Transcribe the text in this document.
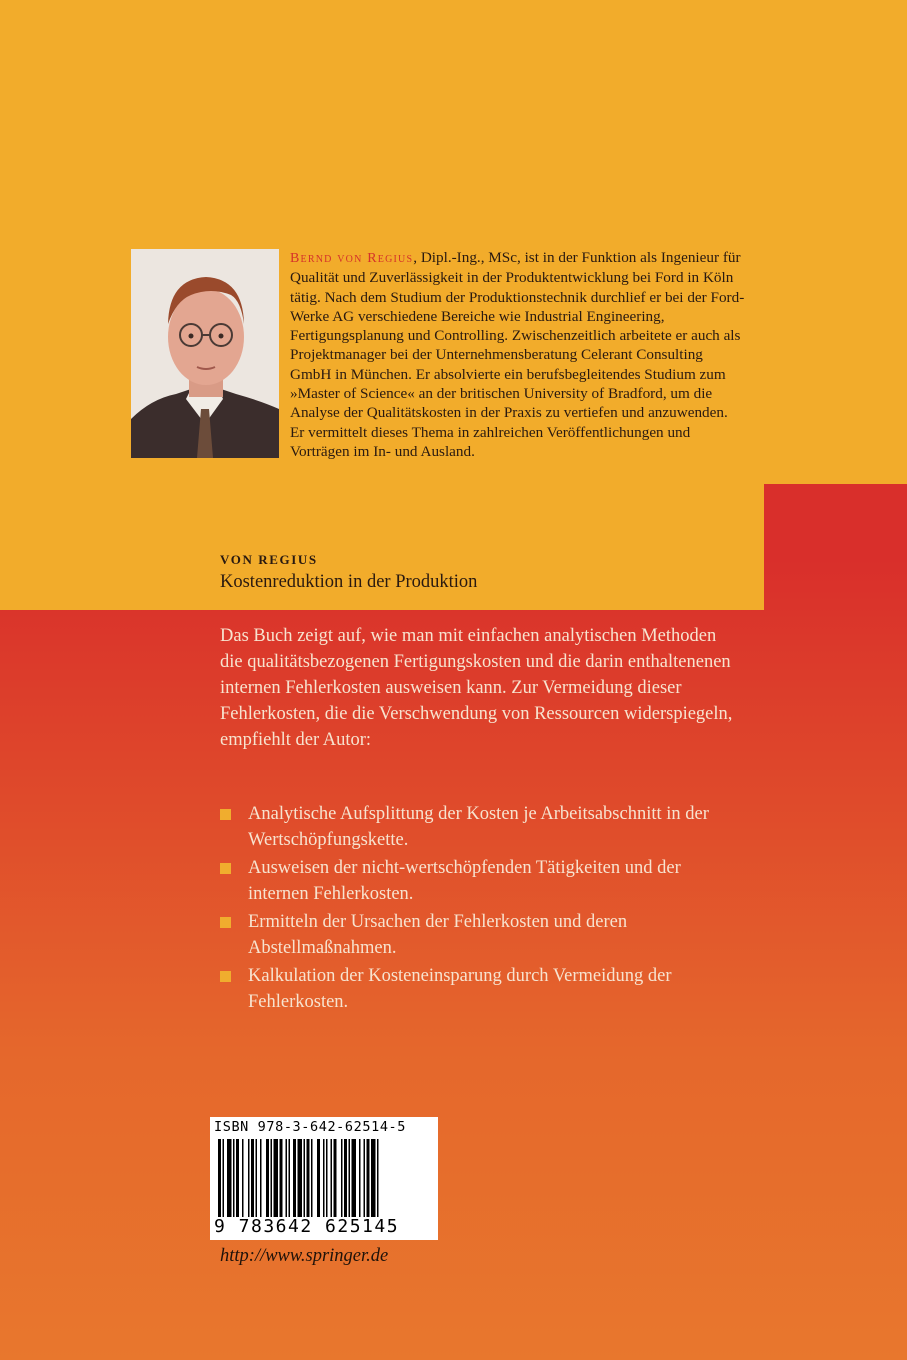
Bernd von Regius, Dipl.-Ing., MSc, ist in der Funktion als Ingenieur für Qualität und Zuverlässigkeit in der Produktentwicklung bei Ford in Köln tätig. Nach dem Studium der Produktionstechnik durchlief er bei der Ford-Werke AG verschiedene Bereiche wie Industrial Engineering, Fertigungsplanung und Controlling. Zwischenzeitlich arbeitete er auch als Projektmanager bei der Unternehmensberatung Celerant Consulting GmbH in München. Er absolvierte ein berufsbegleitendes Studium zum »Master of Science« an der britischen University of Bradford, um die Analyse der Qualitätskosten in der Praxis zu vertiefen und anzuwenden. Er vermittelt dieses Thema in zahlreichen Veröffentlichungen und Vorträgen im In- und Ausland.

VON REGIUS

Kostenreduktion in der Produktion

Das Buch zeigt auf, wie man mit einfachen analytischen Methoden die qualitätsbezogenen Fertigungskosten und die darin enthaltenenen internen Fehlerkosten ausweisen kann. Zur Vermeidung dieser Fehlerkosten, die die Verschwendung von Ressourcen widerspiegeln, empfiehlt der Autor:

Analytische Aufsplittung der Kosten je Arbeitsabschnitt in der Wertschöpfungskette.
Ausweisen der nicht-wertschöpfenden Tätigkeiten und der internen Fehlerkosten.
Ermitteln der Ursachen der Fehlerkosten und deren Abstellmaßnahmen.
Kalkulation der Kosteneinsparung durch Vermeidung der Fehlerkosten.
ISBN 978-3-642-62514-5
9 783642 625145

http://www.springer.de
